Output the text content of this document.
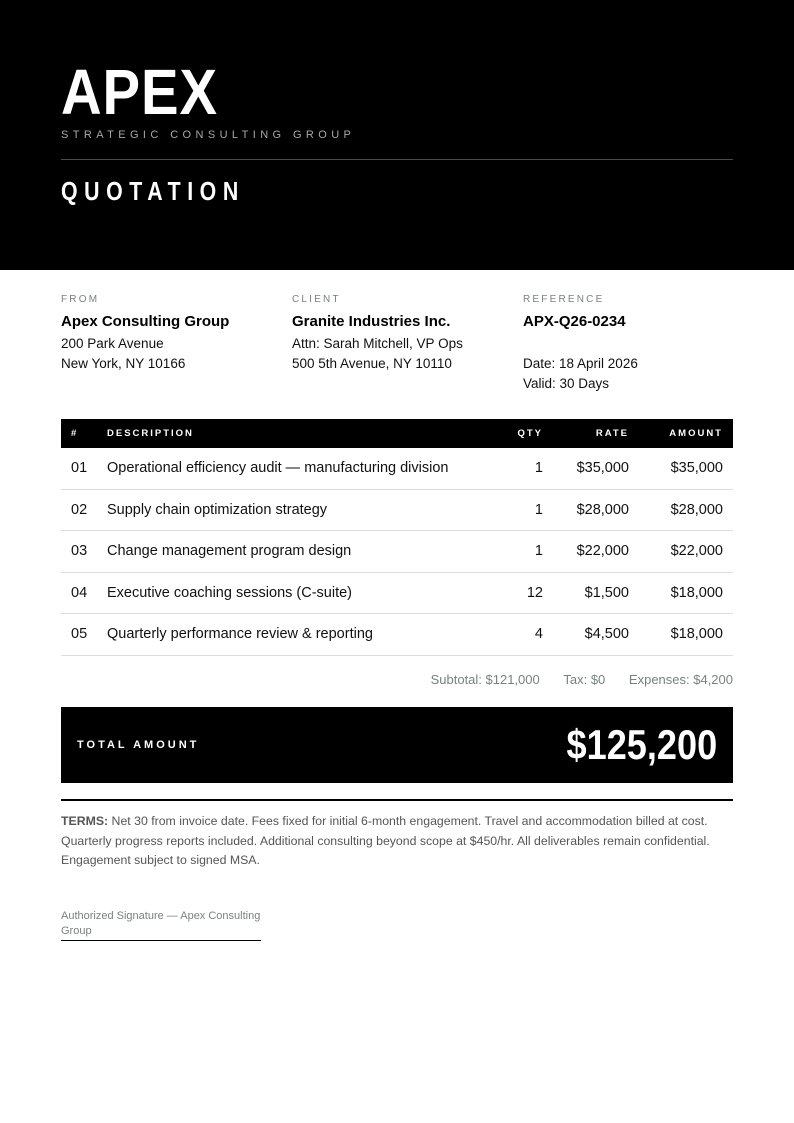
APEX
STRATEGIC CONSULTING GROUP
QUOTATION
FROM
Apex Consulting Group
200 Park Avenue
New York, NY 10166
CLIENT
Granite Industries Inc.
Attn: Sarah Mitchell, VP Ops
500 5th Avenue, NY 10110
REFERENCE
APX-Q26-0234
Date: 18 April 2026
Valid: 30 Days
#	DESCRIPTION	QTY	RATE	AMOUNT
01 Operational efficiency audit — manufacturing division	1 $35,000	$35,000
02 Supply chain optimization strategy	1 $28,000	$28,000
03 Change management program design	1 $22,000	$22,000
04 Executive coaching sessions (C-suite)	12	$1,500	$18,000
05 Quarterly performance review & reporting	4	$4,500	$18,000
Subtotal: $121,000 Tax: $0 Expenses: $4,200
TOTAL AMOUNT	$125,200
TERMS: Net 30 from invoice date. Fees fixed for initial 6-month engagement. Travel and accommodation billed at cost. Quarterly progress reports included. Additional consulting beyond scope at $450/hr. All deliverables remain confidential. Engagement subject to signed MSA.
Authorized Signature — Apex Consulting Group
